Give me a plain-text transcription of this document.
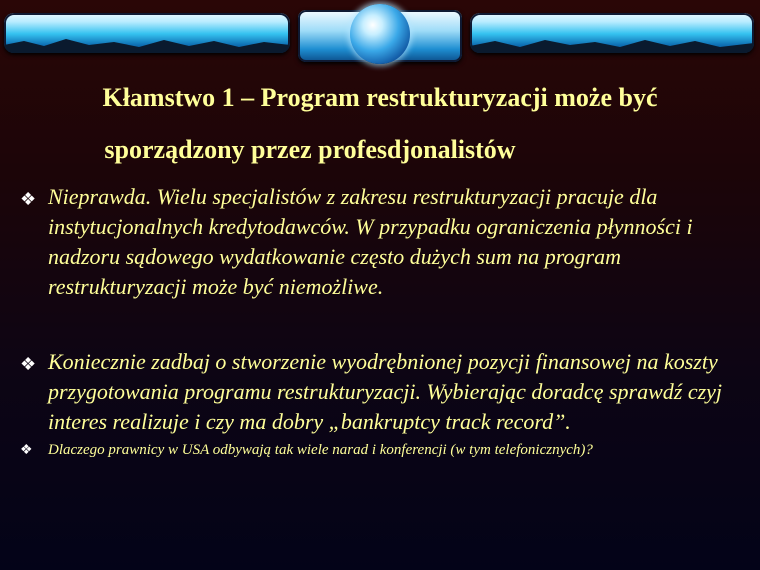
Kłamstwo 1 – Program restrukturyzacji może być
sporządzony przez profesdjonalistów
❖ Nieprawda. Wielu specjalistów z zakresu restrukturyzacji pracuje dla instytucjonalnych kredytodawców. W przypadku ograniczenia płynności i nadzoru sądowego wydatkowanie często dużych sum na program restrukturyzacji może być niemożliwe.
❖ Koniecznie zadbaj o stworzenie wyodrębnionej pozycji finansowej na koszty przygotowania programu restrukturyzacji. Wybierając doradcę sprawdź czyj interes realizuje i czy ma dobry „bankruptcy track record”.
❖ Dlaczego prawnicy w USA odbywają tak wiele narad i konferencji (w tym telefonicznych)?
